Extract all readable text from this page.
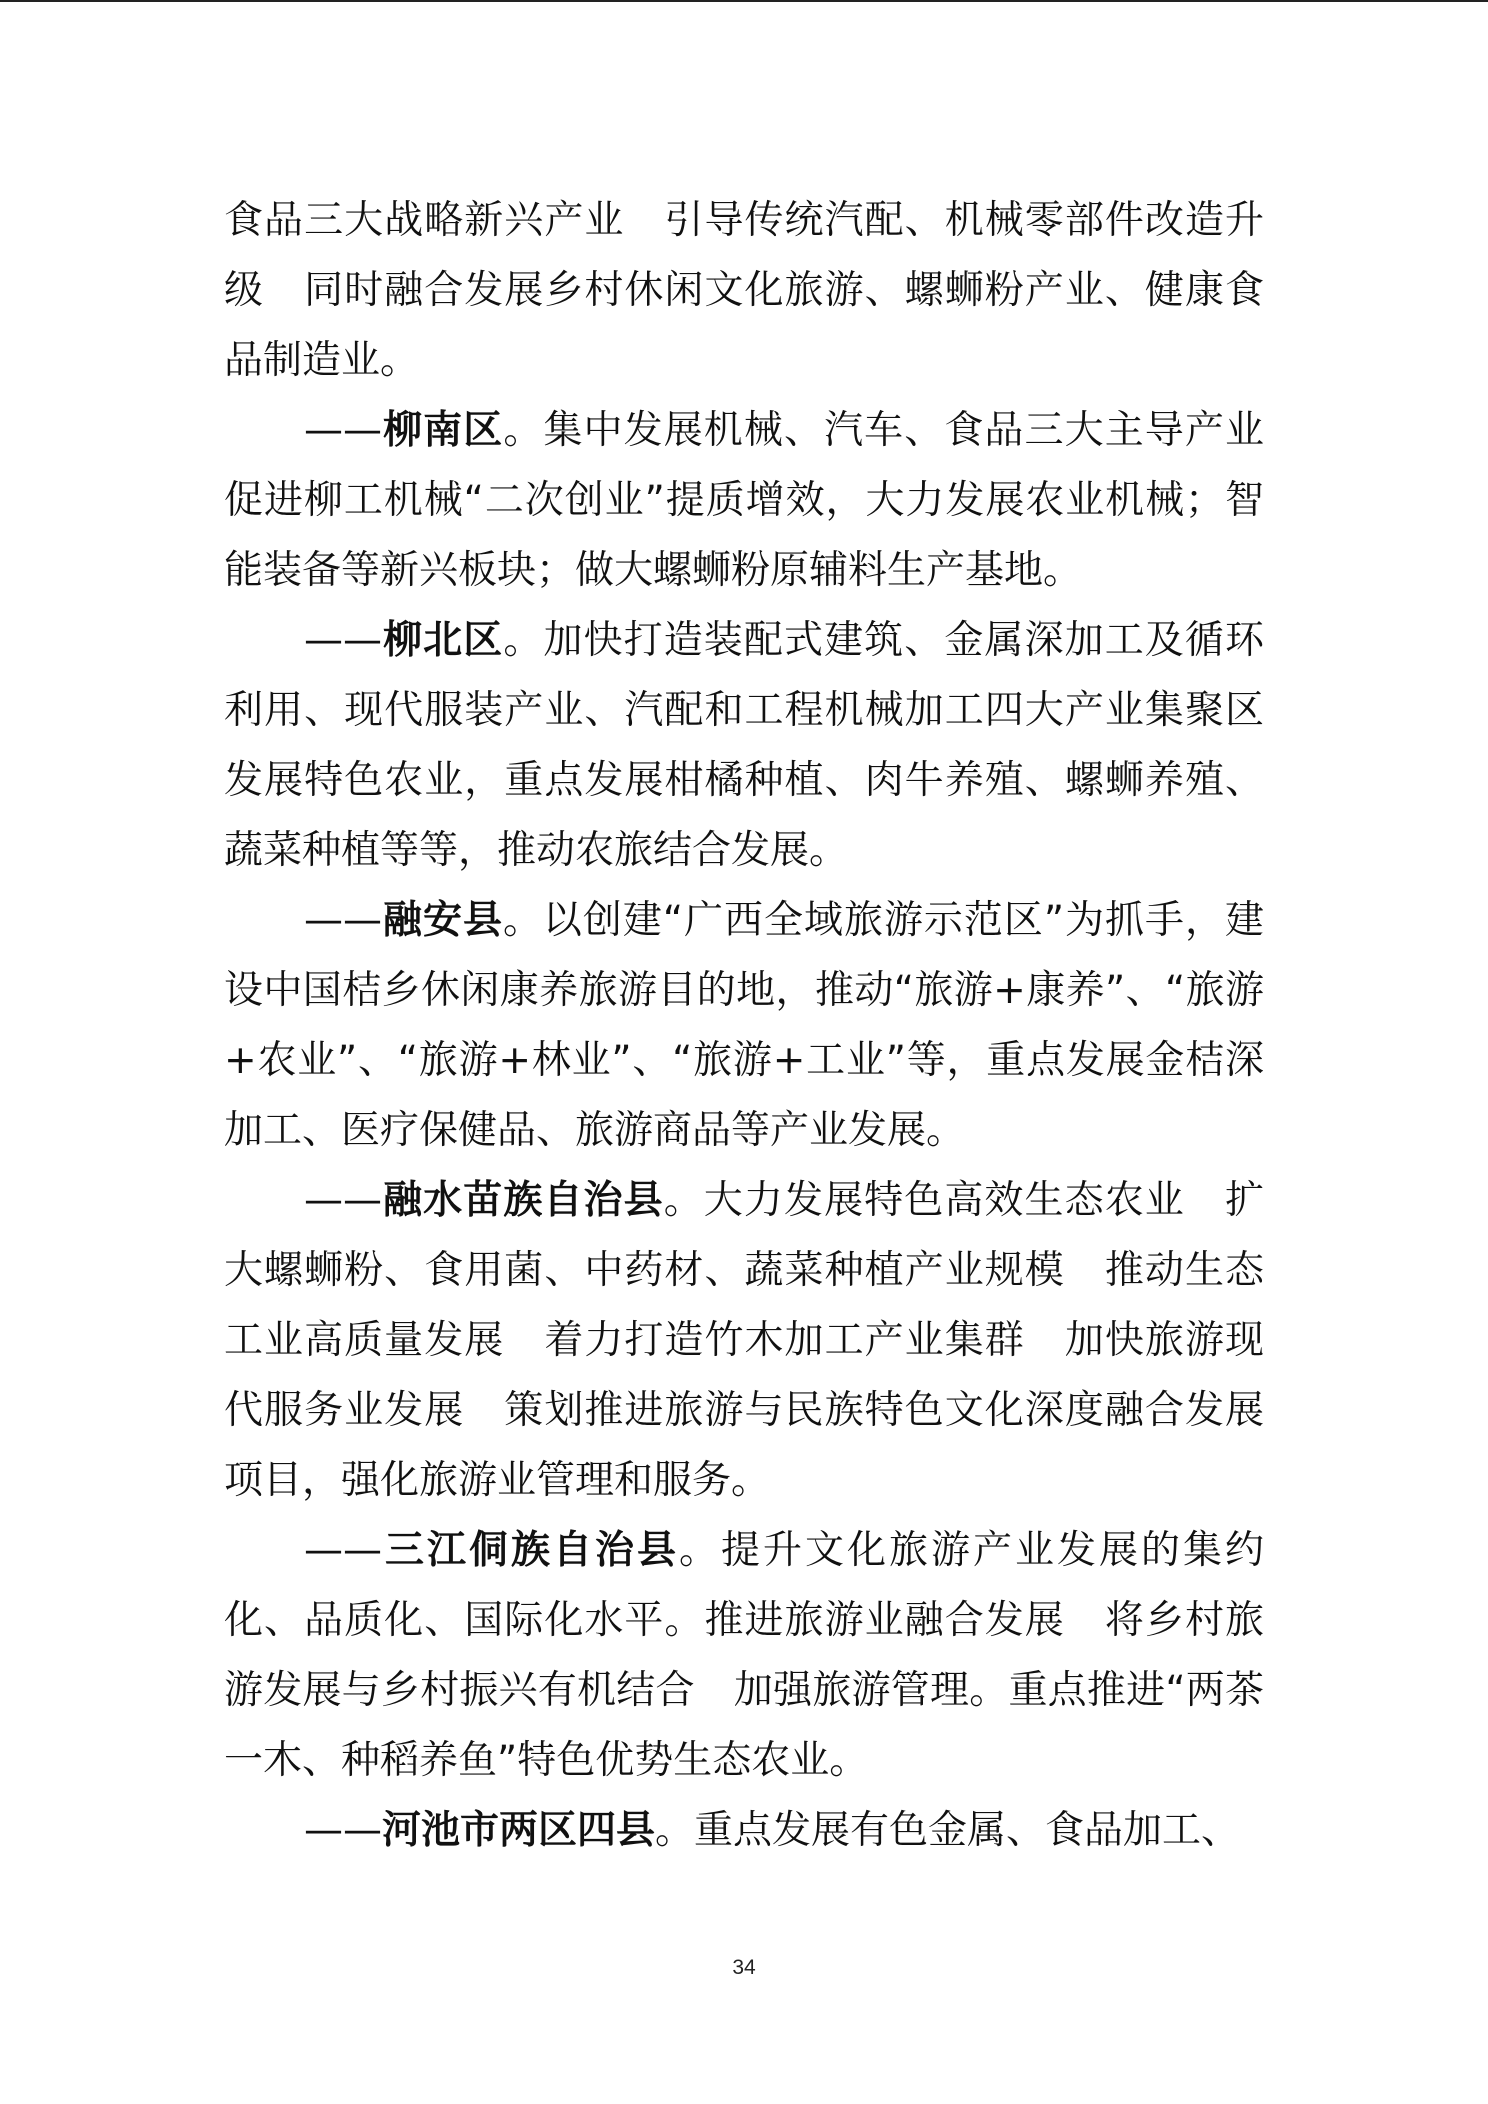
食品三大战略新兴产业　引导传统汽配、机械零部件改造升级　同时融合发展乡村休闲文化旅游、螺蛳粉产业、健康食品制造业。

——柳南区。集中发展机械、汽车、食品三大主导产业　促进柳工机械“二次创业”提质增效，大力发展农业机械；智能装备等新兴板块；做大螺蛳粉原辅料生产基地。

——柳北区。加快打造装配式建筑、金属深加工及循环利用、现代服装产业、汽配和工程机械加工四大产业集聚区　发展特色农业，重点发展柑橘种植、肉牛养殖、螺蛳养殖、蔬菜种植等等，推动农旅结合发展。

——融安县。以创建“广西全域旅游示范区”为抓手，建设中国桔乡休闲康养旅游目的地，推动“旅游+康养”、“旅游+农业”、“旅游+林业”、“旅游+工业”等，重点发展金桔深加工、医疗保健品、旅游商品等产业发展。

——融水苗族自治县。大力发展特色高效生态农业　扩大螺蛳粉、食用菌、中药材、蔬菜种植产业规模　推动生态工业高质量发展　着力打造竹木加工产业集群　加快旅游现代服务业发展　策划推进旅游与民族特色文化深度融合发展项目，强化旅游业管理和服务。

——三江侗族自治县。提升文化旅游产业发展的集约化、品质化、国际化水平。推进旅游业融合发展　将乡村旅游发展与乡村振兴有机结合　加强旅游管理。重点推进“两茶一木、种稻养鱼”特色优势生态农业。

——河池市两区四县。重点发展有色金属、食品加工、

34
